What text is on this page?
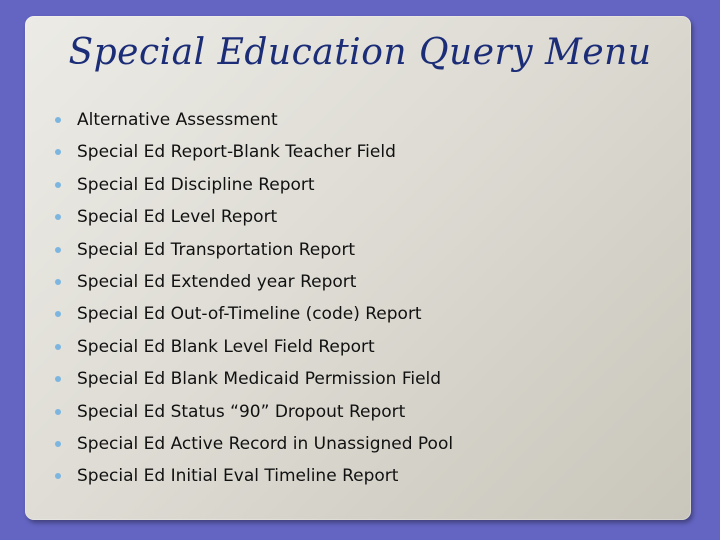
Special Education Query Menu
Alternative Assessment
Special Ed Report-Blank Teacher Field
Special Ed Discipline Report
Special Ed Level Report
Special Ed Transportation Report
Special Ed Extended year Report
Special Ed Out-of-Timeline (code) Report
Special Ed Blank Level Field Report
Special Ed Blank Medicaid Permission Field
Special Ed Status “90” Dropout Report
Special Ed Active Record in Unassigned Pool
Special Ed Initial Eval Timeline Report
